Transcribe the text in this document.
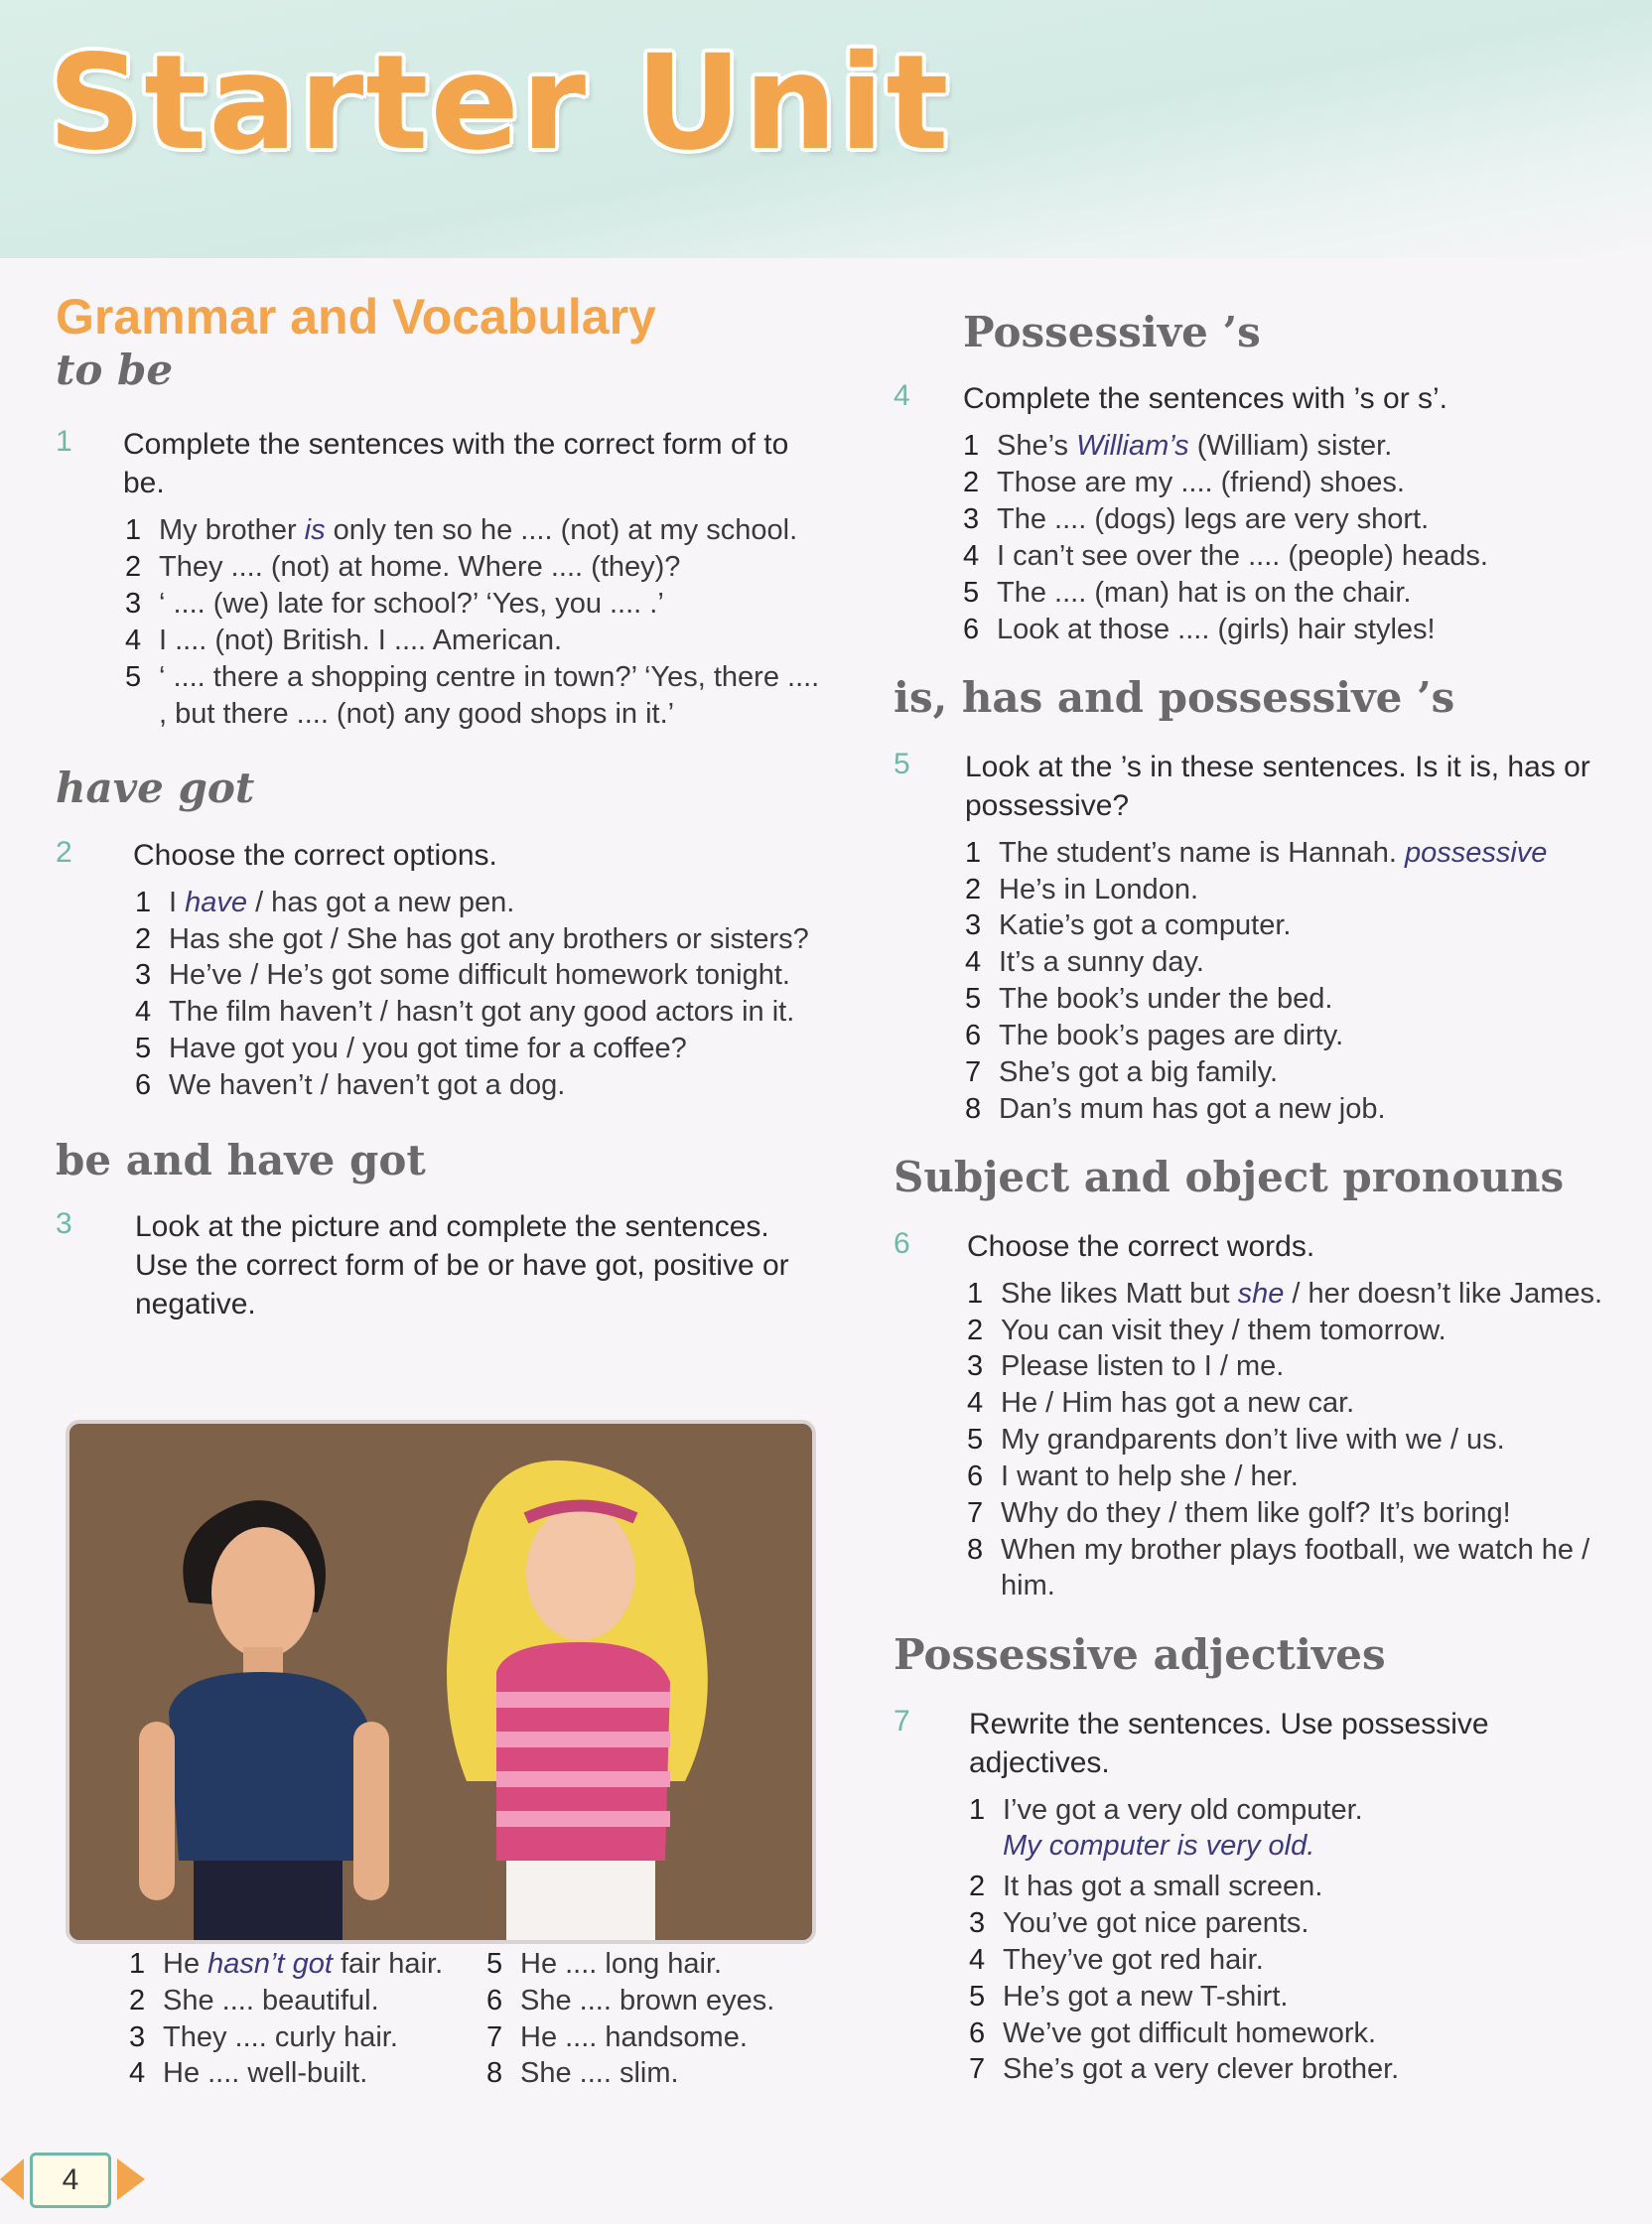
Starter Unit
Grammar and Vocabulary
to be
1 Complete the sentences with the correct form of to be.

1 My brother is only ten so he .... (not) at my school.
2 They .... (not) at home. Where .... (they)?
3 ‘ .... (we) late for school?’ ‘Yes, you .... .’
4 I .... (not) British. I .... American.
5 ‘ .... there a shopping centre in town?’ ‘Yes, there .... , but there .... (not) any good shops in it.’
have got
2 Choose the correct options.

1 I have / has got a new pen.
2 Has she got / She has got any brothers or sisters?
3 He’ve / He’s got some difficult homework tonight.
4 The film haven’t / hasn’t got any good actors in it.
5 Have got you / you got time for a coffee?
6 We haven’t / haven’t got a dog.
be and have got
3 Look at the picture and complete the sentences. Use the correct form of be or have got, positive or negative.

1 He hasn’t got fair hair.
2 She .... beautiful.
3 They .... curly hair.
4 He .... well-built.
5 He .... long hair.
6 She .... brown eyes.
7 He .... handsome.
8 She .... slim.
Possessive ’s
4 Complete the sentences with ’s or s’.

1 She’s William’s (William) sister.
2 Those are my .... (friend) shoes.
3 The .... (dogs) legs are very short.
4 I can’t see over the .... (people) heads.
5 The .... (man) hat is on the chair.
6 Look at those .... (girls) hair styles!
is, has and possessive ’s
5 Look at the ’s in these sentences. Is it is, has or possessive?

1 The student’s name is Hannah. possessive
2 He’s in London.
3 Katie’s got a computer.
4 It’s a sunny day.
5 The book’s under the bed.
6 The book’s pages are dirty.
7 She’s got a big family.
8 Dan’s mum has got a new job.
Subject and object pronouns
6 Choose the correct words.

1 She likes Matt but she / her doesn’t like James.
2 You can visit they / them tomorrow.
3 Please listen to I / me.
4 He / Him has got a new car.
5 My grandparents don’t live with we / us.
6 I want to help she / her.
7 Why do they / them like golf? It’s boring!
8 When my brother plays football, we watch he / him.
Possessive adjectives
7 Rewrite the sentences. Use possessive adjectives.

1 I’ve got a very old computer.
My computer is very old.
2 It has got a small screen.
3 You’ve got nice parents.
4 They’ve got red hair.
5 He’s got a new T-shirt.
6 We’ve got difficult homework.
7 She’s got a very clever brother.
4
